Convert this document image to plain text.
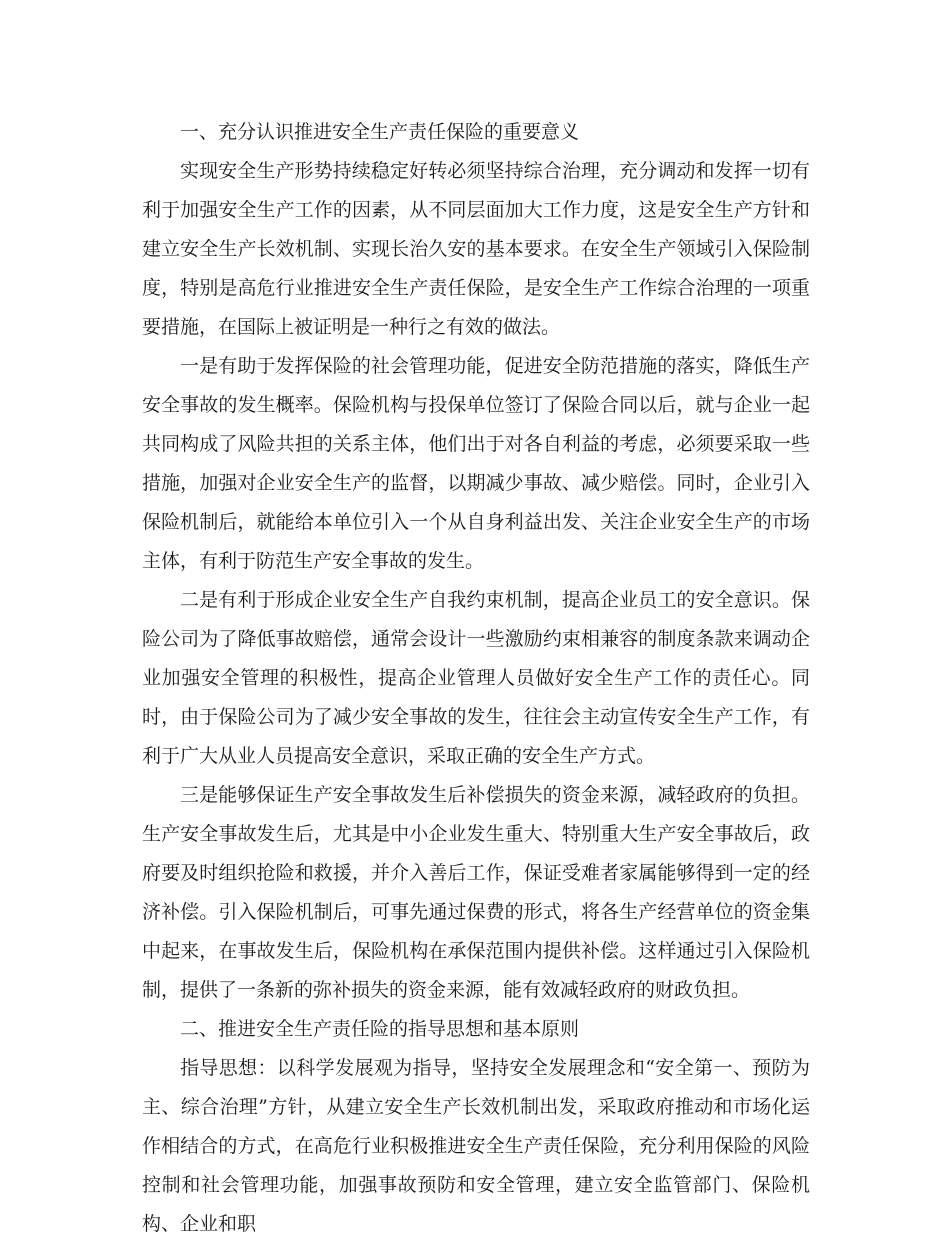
一、充分认识推进安全生产责任保险的重要意义

实现安全生产形势持续稳定好转必须坚持综合治理，充分调动和发挥一切有利于加强安全生产工作的因素，从不同层面加大工作力度，这是安全生产方针和建立安全生产长效机制、实现长治久安的基本要求。在安全生产领域引入保险制度，特别是高危行业推进安全生产责任保险，是安全生产工作综合治理的一项重要措施，在国际上被证明是一种行之有效的做法。

一是有助于发挥保险的社会管理功能，促进安全防范措施的落实，降低生产安全事故的发生概率。保险机构与投保单位签订了保险合同以后，就与企业一起共同构成了风险共担的关系主体，他们出于对各自利益的考虑，必须要采取一些措施，加强对企业安全生产的监督，以期减少事故、减少赔偿。同时，企业引入保险机制后，就能给本单位引入一个从自身利益出发、关注企业安全生产的市场主体，有利于防范生产安全事故的发生。

二是有利于形成企业安全生产自我约束机制，提高企业员工的安全意识。保险公司为了降低事故赔偿，通常会设计一些激励约束相兼容的制度条款来调动企业加强安全管理的积极性，提高企业管理人员做好安全生产工作的责任心。同时，由于保险公司为了减少安全事故的发生，往往会主动宣传安全生产工作，有利于广大从业人员提高安全意识，采取正确的安全生产方式。

三是能够保证生产安全事故发生后补偿损失的资金来源，减轻政府的负担。生产安全事故发生后，尤其是中小企业发生重大、特别重大生产安全事故后，政府要及时组织抢险和救援，并介入善后工作，保证受难者家属能够得到一定的经济补偿。引入保险机制后，可事先通过保费的形式，将各生产经营单位的资金集中起来，在事故发生后，保险机构在承保范围内提供补偿。这样通过引入保险机制，提供了一条新的弥补损失的资金来源，能有效减轻政府的财政负担。

二、推进安全生产责任险的指导思想和基本原则

指导思想：以科学发展观为指导，坚持安全发展理念和“安全第一、预防为主、综合治理”方针，从建立安全生产长效机制出发，采取政府推动和市场化运作相结合的方式，在高危行业积极推进安全生产责任保险，充分利用保险的风险控制和社会管理功能，加强事故预防和安全管理，建立安全监管部门、保险机构、企业和职
